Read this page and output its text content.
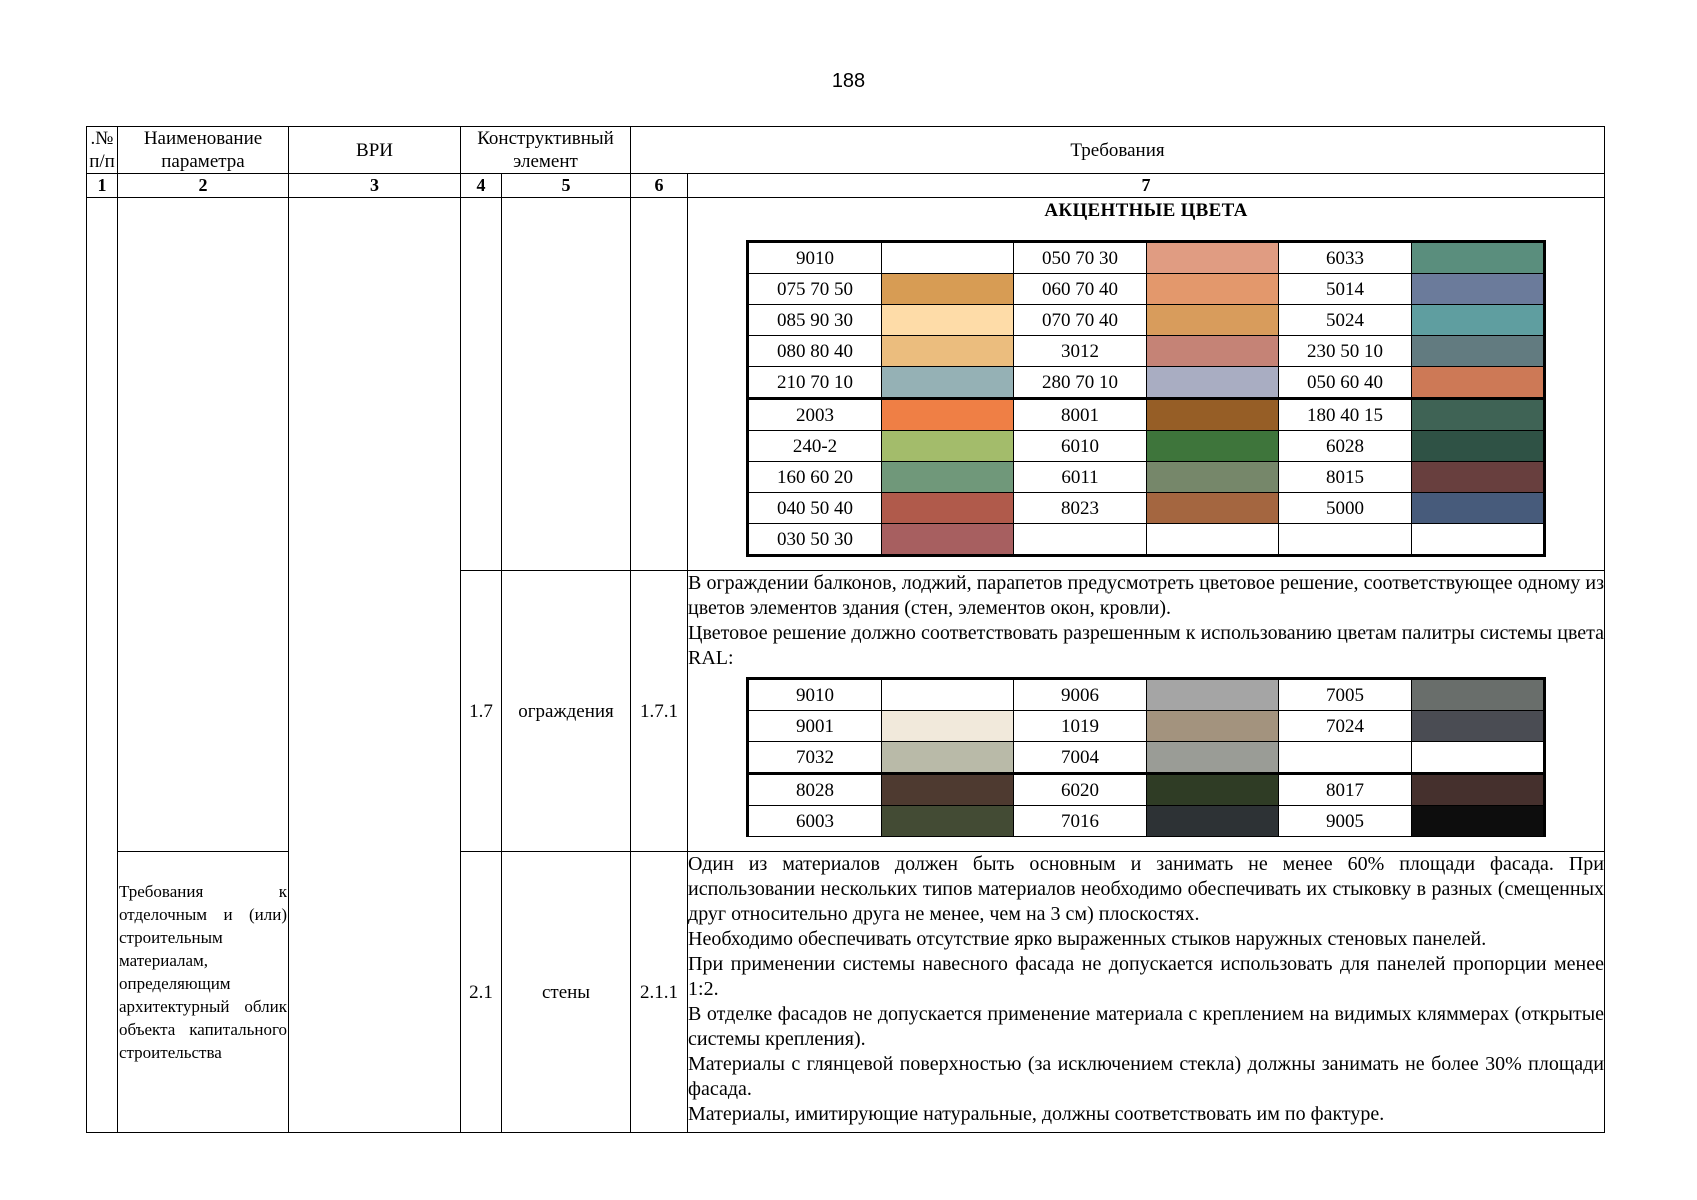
188
.№ п/п	Наименование параметра	ВРИ	Конструктивный элемент	Требования
1	2	3	4	5	6	7

АКЦЕНТНЫЕ ЦВЕТА
9010		050 70 30		6033	
075 70 50		060 70 40		5014	
085 90 30		070 70 40		5024	
080 80 40		3012		230 50 10	
210 70 10		280 70 10		050 60 40	
2003		8001		180 40 15	
240-2		6010		6028	
160 60 20		6011		8015	
040 50 40		8023		5000	
030 50 30					

1.7	ограждения	1.7.1	

В ограждении балконов, лоджий, парапетов предусмотреть цветовое решение, соответствующее одному из цветов элементов здания (стен, элементов окон, кровли).

Цветовое решение должно соответствовать разрешенным к использованию цветам палитры системы цвета RAL:

9010		9006		7005	
9001		1019		7024	
7032		7004			
8028		6020		8017	
6003		7016		9005	

Требования к отделочным и (или) строительным материалам, определяющим архитектурный облик объекта капитального строительства
	2.1	стены	2.1.1	

Один из материалов должен быть основным и занимать не менее 60% площади фасада. При использовании нескольких типов материалов необходимо обеспечивать их стыковку в разных (смещенных друг относительно друга не менее, чем на 3 см) плоскостях.

Необходимо обеспечивать отсутствие ярко выраженных стыков наружных стеновых панелей.

При применении системы навесного фасада не допускается использовать для панелей пропорции менее 1:2.

В отделке фасадов не допускается применение материала с креплением на видимых кляммерах (открытые системы крепления).

Материалы с глянцевой поверхностью (за исключением стекла) должны занимать не более 30% площади фасада.

Материалы, имитирующие натуральные, должны соответствовать им по фактуре.
